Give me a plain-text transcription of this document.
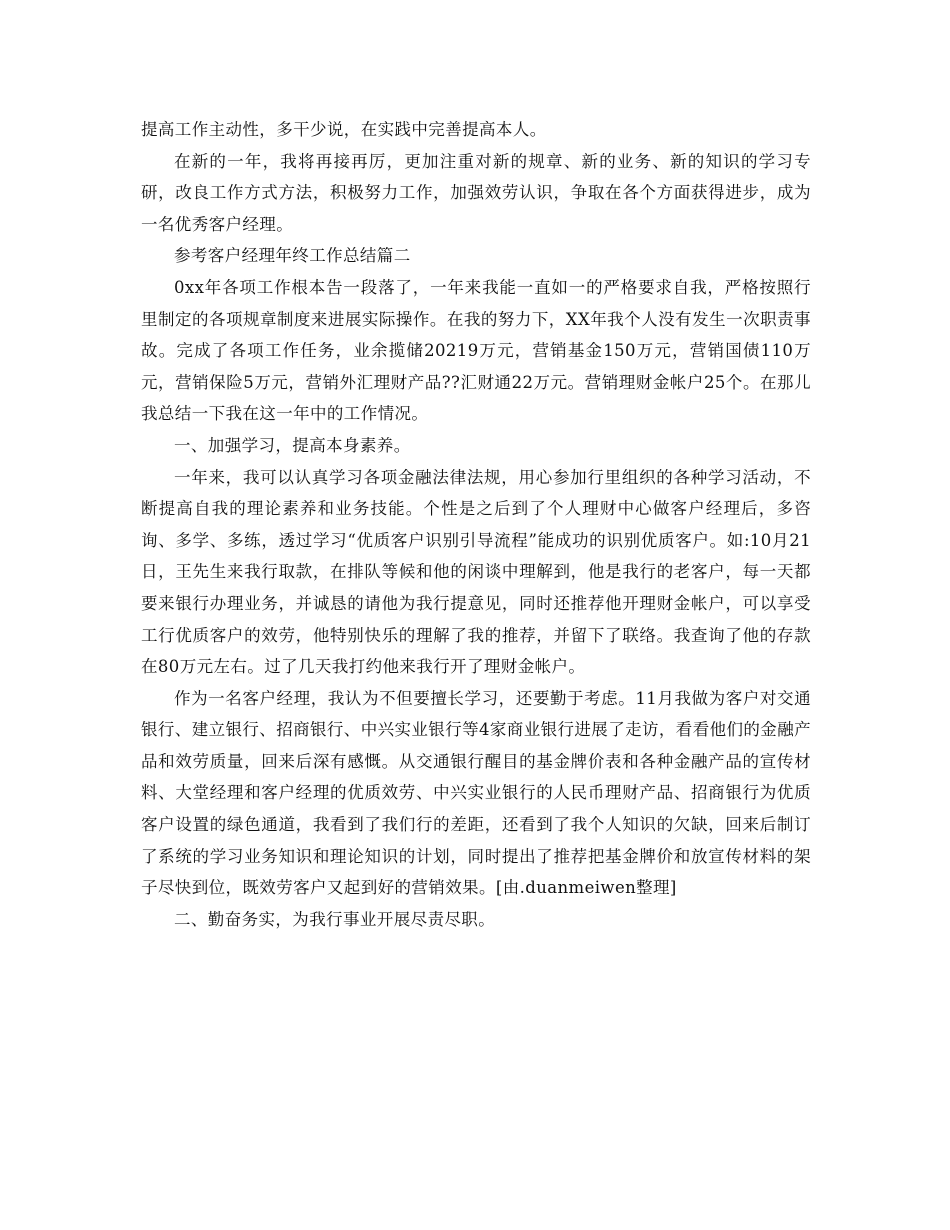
提高工作主动性，多干少说，在实践中完善提高本人。

在新的一年，我将再接再厉，更加注重对新的规章、新的业务、新的知识的学习专研，改良工作方式方法，积极努力工作，加强效劳认识，争取在各个方面获得进步，成为一名优秀客户经理。

参考客户经理年终工作总结篇二

0xx年各项工作根本告一段落了，一年来我能一直如一的严格要求自我，严格按照行里制定的各项规章制度来进展实际操作。在我的努力下，XX年我个人没有发生一次职责事故。完成了各项工作任务，业余揽储20219万元，营销基金150万元，营销国债110万元，营销保险5万元，营销外汇理财产品??汇财通22万元。营销理财金帐户25个。在那儿我总结一下我在这一年中的工作情况。

一、加强学习，提高本身素养。

一年来，我可以认真学习各项金融法律法规，用心参加行里组织的各种学习活动，不断提高自我的理论素养和业务技能。个性是之后到了个人理财中心做客户经理后，多咨询、多学、多练，透过学习“优质客户识别引导流程”能成功的识别优质客户。如:10月21日，王先生来我行取款，在排队等候和他的闲谈中理解到，他是我行的老客户，每一天都要来银行办理业务，并诚恳的请他为我行提意见，同时还推荐他开理财金帐户，可以享受工行优质客户的效劳，他特别快乐的理解了我的推荐，并留下了联络。我查询了他的存款在80万元左右。过了几天我打约他来我行开了理财金帐户。

作为一名客户经理，我认为不但要擅长学习，还要勤于考虑。11月我做为客户对交通银行、建立银行、招商银行、中兴实业银行等4家商业银行进展了走访，看看他们的金融产品和效劳质量，回来后深有感慨。从交通银行醒目的基金牌价表和各种金融产品的宣传材料、大堂经理和客户经理的优质效劳、中兴实业银行的人民币理财产品、招商银行为优质客户设置的绿色通道，我看到了我们行的差距，还看到了我个人知识的欠缺，回来后制订了系统的学习业务知识和理论知识的计划，同时提出了推荐把基金牌价和放宣传材料的架子尽快到位，既效劳客户又起到好的营销效果。[由.duanmeiwen整理]

二、勤奋务实，为我行事业开展尽责尽职。
